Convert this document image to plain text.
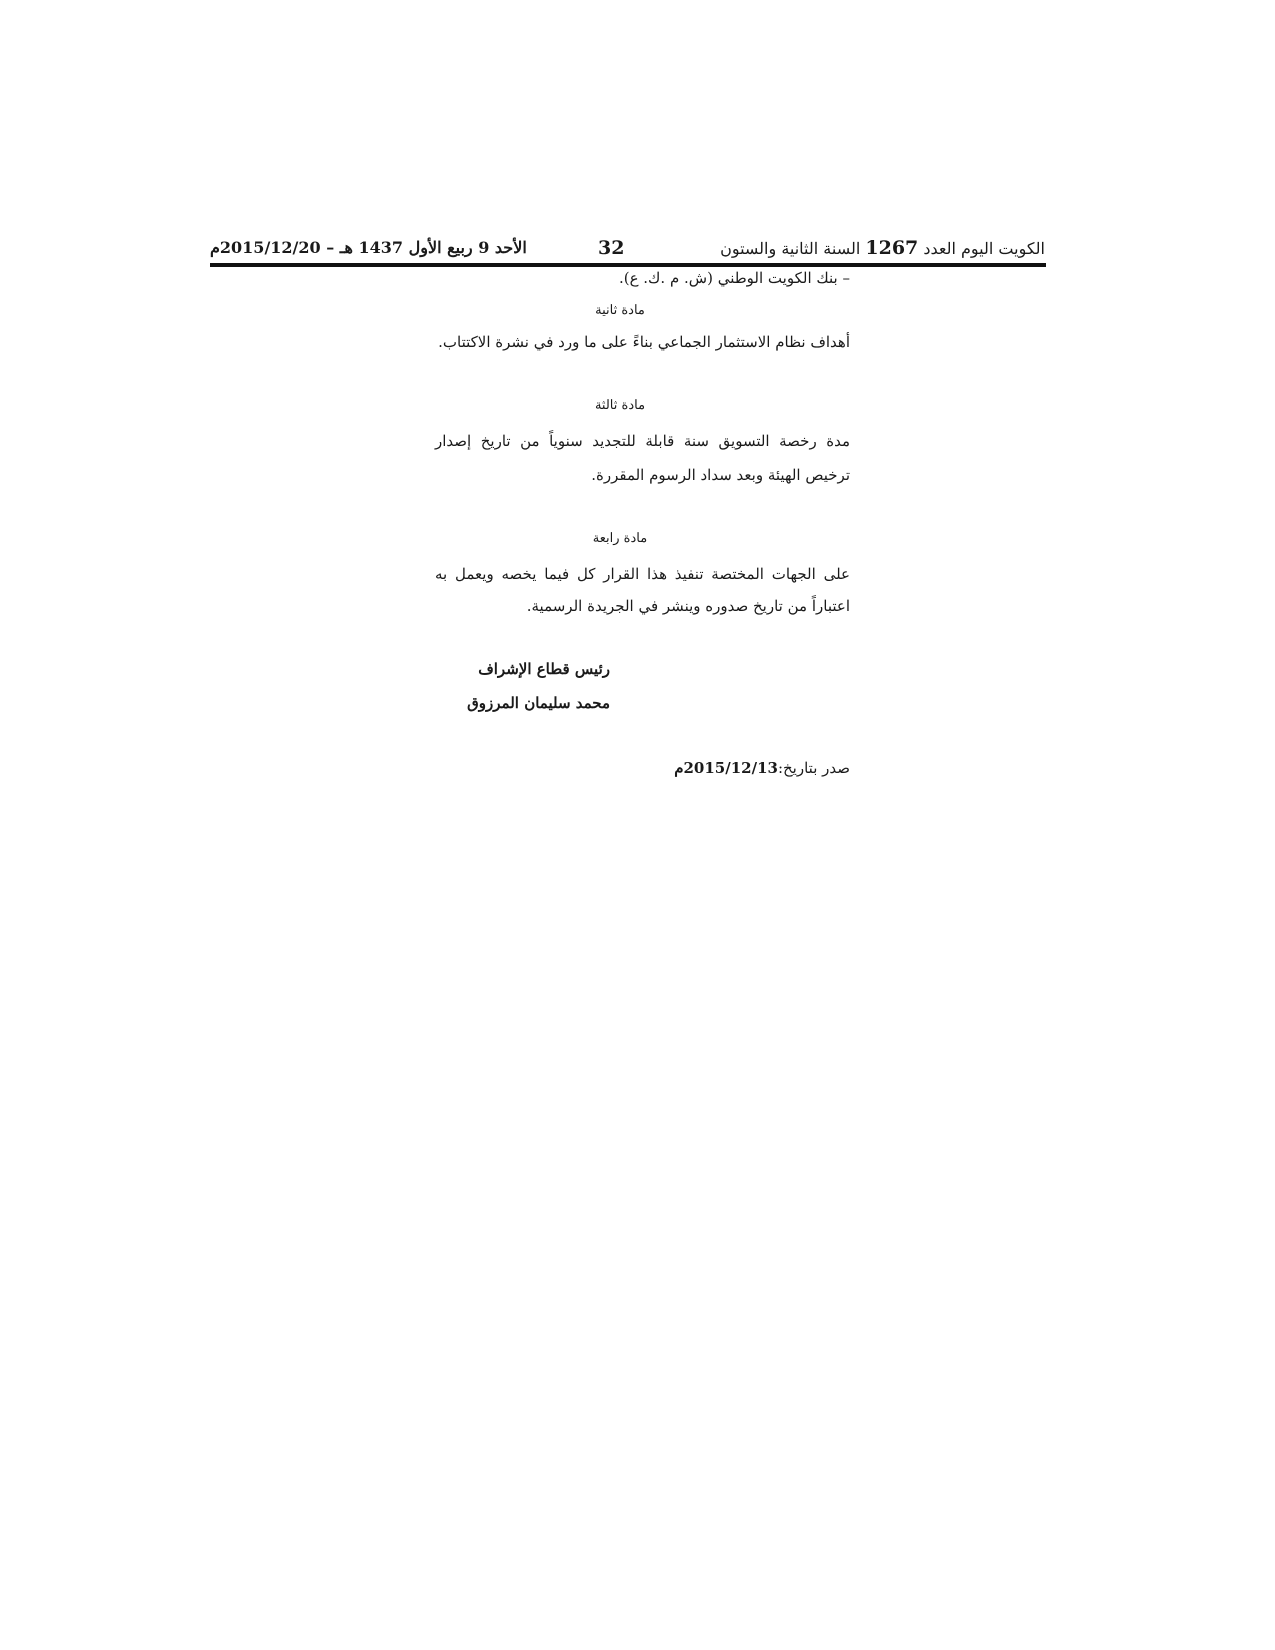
الكويت اليوم العدد 1267 السنة الثانية والستون
32
الأحد 9 ربيع الأول 1437 هـ – 2015/12/20م
– بنك الكويت الوطني (ش. م .ك. ع).
مادة ثانية
أهداف نظام الاستثمار الجماعي بناءً على ما ورد في نشرة الاكتتاب.
مادة ثالثة
مدة رخصة التسويق سنة قابلة للتجديد سنوياً من تاريخ إصدار
ترخيص الهيئة وبعد سداد الرسوم المقررة.
مادة رابعة
على الجهات المختصة تنفيذ هذا القرار كل فيما يخصه ويعمل به
اعتباراً من تاريخ صدوره وينشر في الجريدة الرسمية.
رئيس قطاع الإشراف
محمد سليمان المرزوق
صدر بتاريخ:2015/12/13م
